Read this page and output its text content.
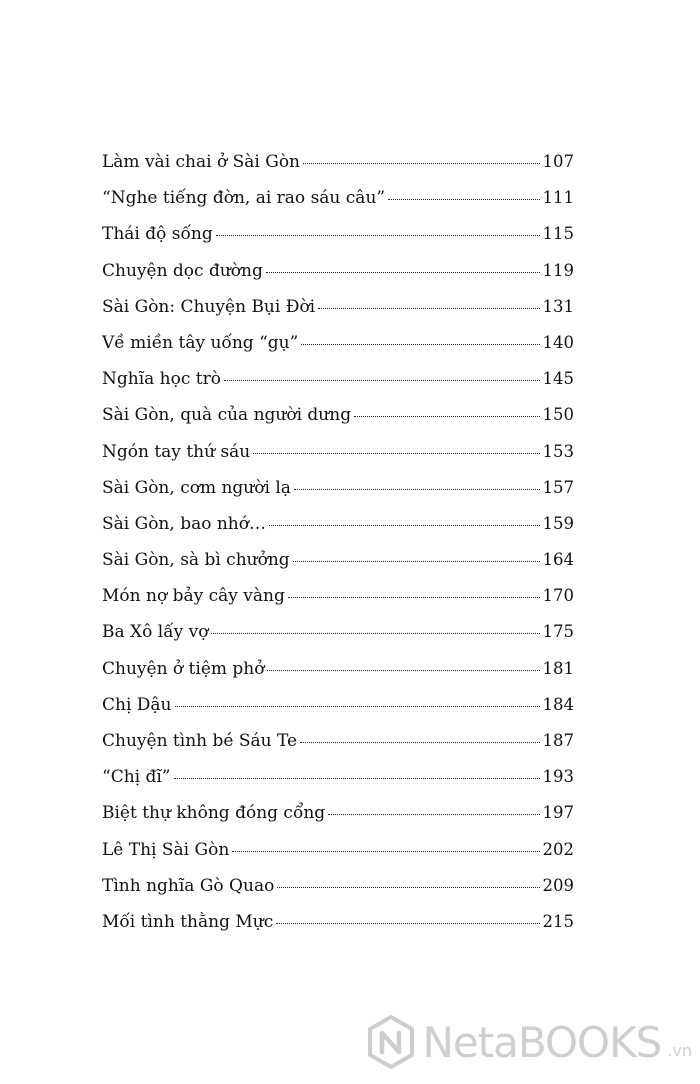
Làm vài chai ở Sài Gòn	107
“Nghe tiếng đờn, ai rao sáu câu”	111
Thái độ sống	115
Chuyện dọc đường	119
Sài Gòn: Chuyện Bụi Đời	131
Về miền tây uống “gụ”	140
Nghĩa học trò	145
Sài Gòn, quà của người dưng	150
Ngón tay thứ sáu	153
Sài Gòn, cơm người lạ	157
Sài Gòn, bao nhớ…	159
Sài Gòn, sà bì chưởng	164
Món nợ bảy cây vàng	170
Ba Xô lấy vợ	175
Chuyện ở tiệm phở	181
Chị Dậu	184
Chuyện tình bé Sáu Te	187
“Chị đĩ”	193
Biệt thự không đóng cổng	197
Lê Thị Sài Gòn	202
Tình nghĩa Gò Quao	209
Mối tình thằng Mực	215
NetaBOOKS .vn
